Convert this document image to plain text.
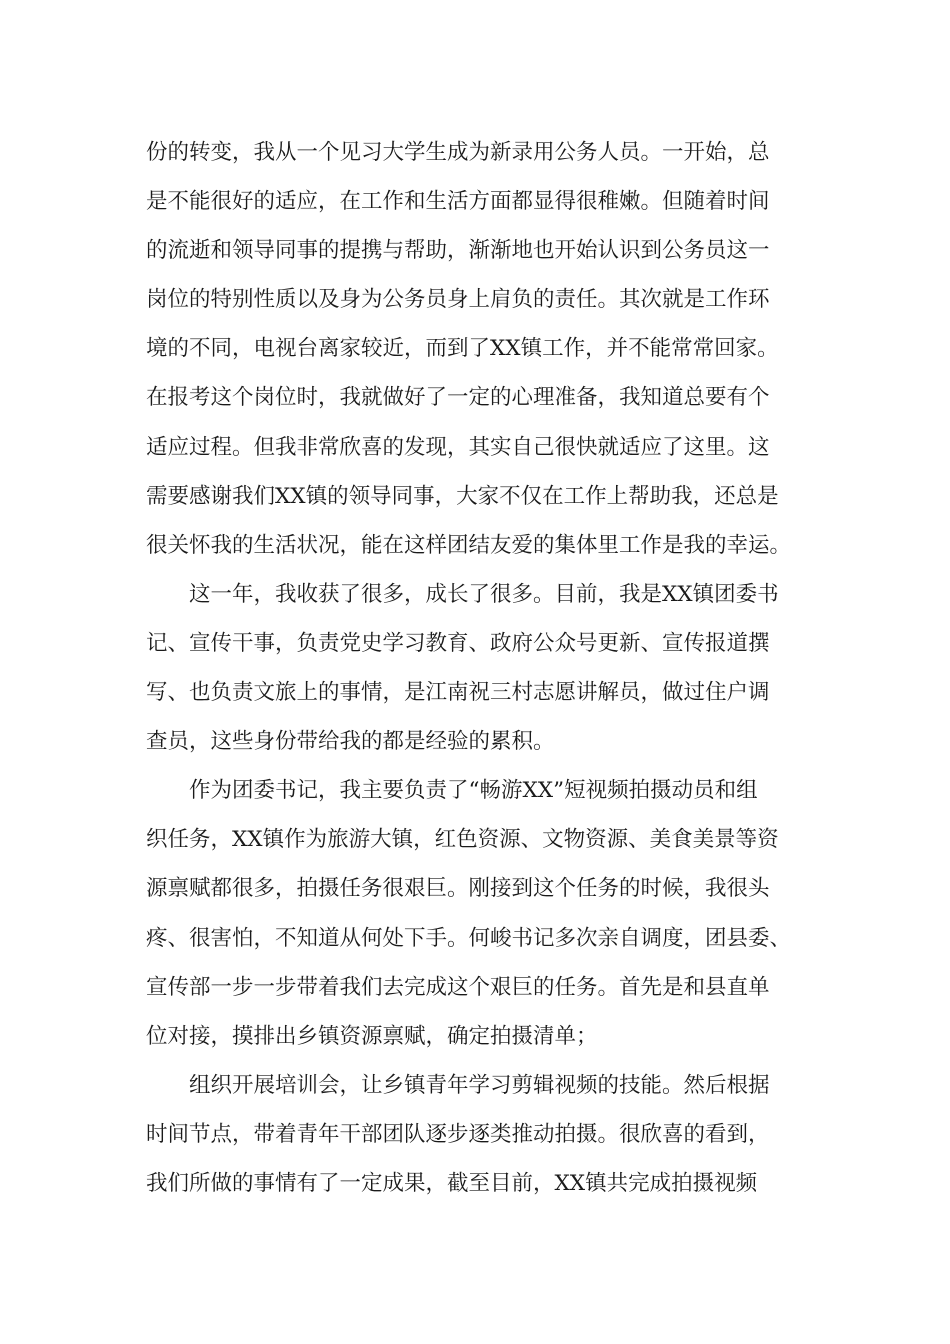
份的转变，我从一个见习大学生成为新录用公务人员。一开始，总
是不能很好的适应，在工作和生活方面都显得很稚嫩。但随着时间
的流逝和领导同事的提携与帮助，渐渐地也开始认识到公务员这一
岗位的特别性质以及身为公务员身上肩负的责任。其次就是工作环
境的不同，电视台离家较近，而到了XX镇工作，并不能常常回家。
在报考这个岗位时，我就做好了一定的心理准备，我知道总要有个
适应过程。但我非常欣喜的发现，其实自己很快就适应了这里。这
需要感谢我们XX镇的领导同事，大家不仅在工作上帮助我，还总是
很关怀我的生活状况，能在这样团结友爱的集体里工作是我的幸运。
这一年，我收获了很多，成长了很多。目前，我是XX镇团委书
记、宣传干事，负责党史学习教育、政府公众号更新、宣传报道撰
写、也负责文旅上的事情，是江南祝三村志愿讲解员，做过住户调
查员，这些身份带给我的都是经验的累积。
作为团委书记，我主要负责了“畅游XX”短视频拍摄动员和组
织任务，XX镇作为旅游大镇，红色资源、文物资源、美食美景等资
源禀赋都很多，拍摄任务很艰巨。刚接到这个任务的时候，我很头
疼、很害怕，不知道从何处下手。何峻书记多次亲自调度，团县委、
宣传部一步一步带着我们去完成这个艰巨的任务。首先是和县直单
位对接，摸排出乡镇资源禀赋，确定拍摄清单；
组织开展培训会，让乡镇青年学习剪辑视频的技能。然后根据
时间节点，带着青年干部团队逐步逐类推动拍摄。很欣喜的看到，
我们所做的事情有了一定成果，截至目前，XX镇共完成拍摄视频
